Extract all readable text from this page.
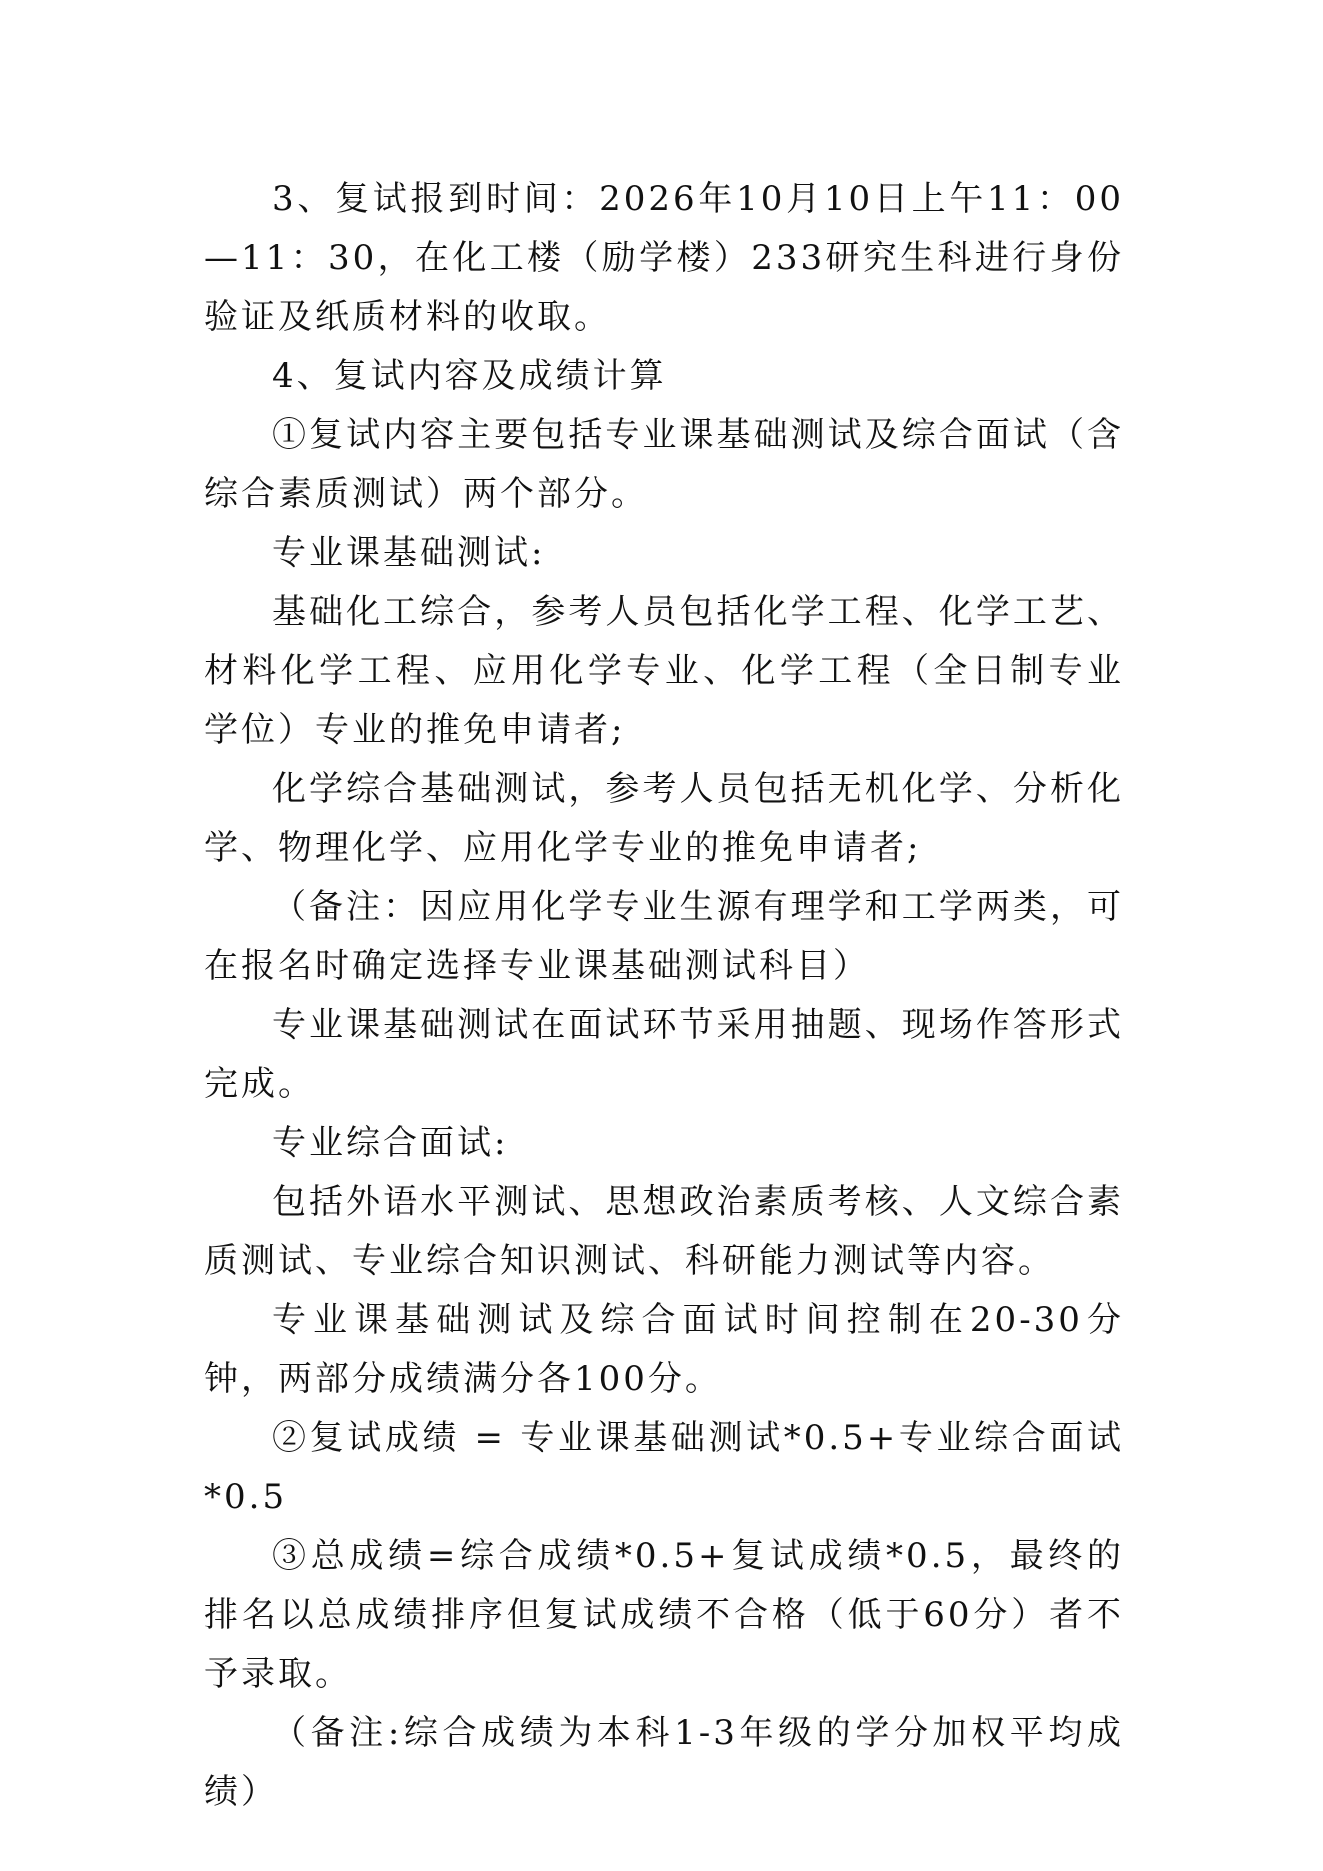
3、复试报到时间：2026年10月10日上午11：00—11：30，在化工楼（励学楼）233研究生科进行身份验证及纸质材料的收取。

4、复试内容及成绩计算

①复试内容主要包括专业课基础测试及综合面试（含综合素质测试）两个部分。

专业课基础测试:

基础化工综合，参考人员包括化学工程、化学工艺、材料化学工程、应用化学专业、化学工程（全日制专业学位）专业的推免申请者;

化学综合基础测试，参考人员包括无机化学、分析化学、物理化学、应用化学专业的推免申请者;

（备注：因应用化学专业生源有理学和工学两类，可在报名时确定选择专业课基础测试科目）

专业课基础测试在面试环节采用抽题、现场作答形式完成。

专业综合面试:

包括外语水平测试、思想政治素质考核、人文综合素质测试、专业综合知识测试、科研能力测试等内容。

专业课基础测试及综合面试时间控制在20-30分钟，两部分成绩满分各100分。

②复试成绩 = 专业课基础测试*0.5+专业综合面试*0.5

③总成绩=综合成绩*0.5+复试成绩*0.5，最终的排名以总成绩排序但复试成绩不合格（低于60分）者不予录取。

（备注:综合成绩为本科1-3年级的学分加权平均成绩）
